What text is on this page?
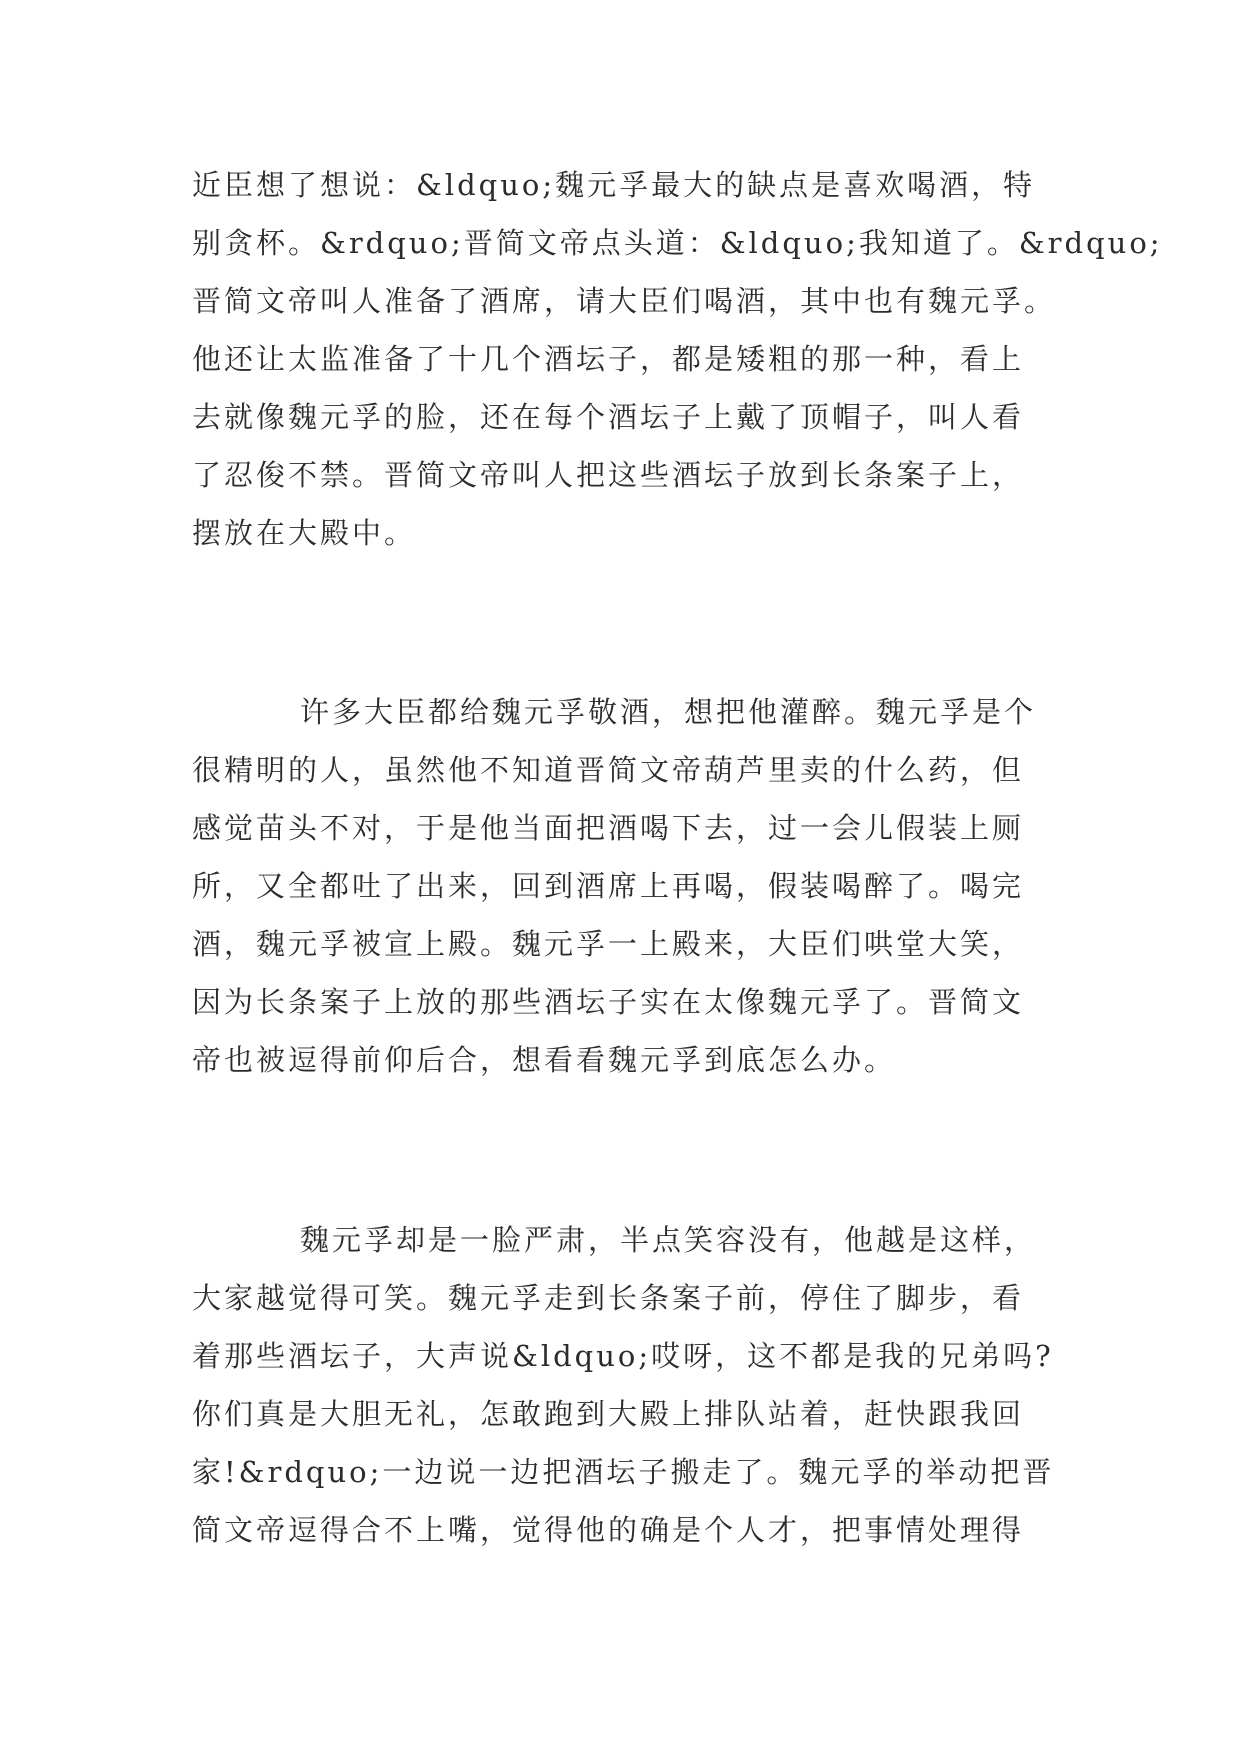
近臣想了想说：&ldquo;魏元孚最大的缺点是喜欢喝酒，特
别贪杯。&rdquo;晋简文帝点头道：&ldquo;我知道了。&rdquo;
晋简文帝叫人准备了酒席，请大臣们喝酒，其中也有魏元孚。
他还让太监准备了十几个酒坛子，都是矮粗的那一种，看上
去就像魏元孚的脸，还在每个酒坛子上戴了顶帽子，叫人看
了忍俊不禁。晋简文帝叫人把这些酒坛子放到长条案子上，
摆放在大殿中。
许多大臣都给魏元孚敬酒，想把他灌醉。魏元孚是个
很精明的人，虽然他不知道晋简文帝葫芦里卖的什么药，但
感觉苗头不对，于是他当面把酒喝下去，过一会儿假装上厕
所，又全都吐了出来，回到酒席上再喝，假装喝醉了。喝完
酒，魏元孚被宣上殿。魏元孚一上殿来，大臣们哄堂大笑，
因为长条案子上放的那些酒坛子实在太像魏元孚了。晋简文
帝也被逗得前仰后合，想看看魏元孚到底怎么办。
魏元孚却是一脸严肃，半点笑容没有，他越是这样，
大家越觉得可笑。魏元孚走到长条案子前，停住了脚步，看
着那些酒坛子，大声说&ldquo;哎呀，这不都是我的兄弟吗?
你们真是大胆无礼，怎敢跑到大殿上排队站着，赶快跟我回
家!&rdquo;一边说一边把酒坛子搬走了。魏元孚的举动把晋
简文帝逗得合不上嘴，觉得他的确是个人才，把事情处理得
